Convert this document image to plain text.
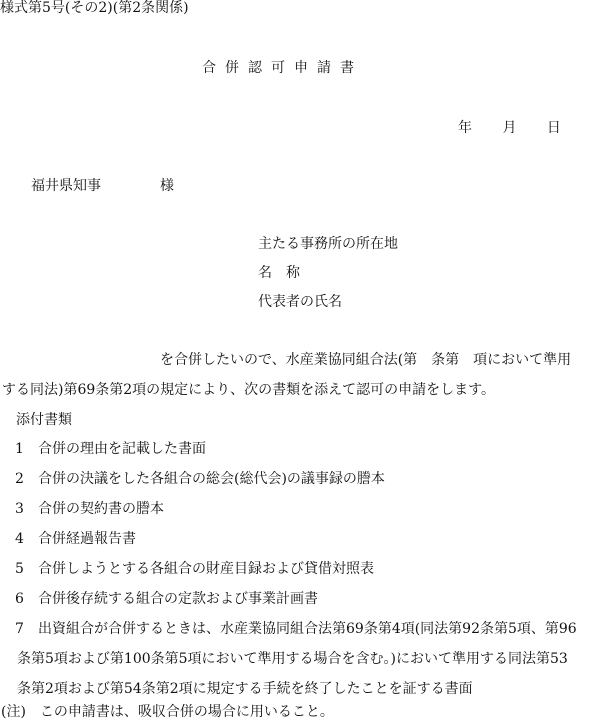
様式第5号(その2)(第2条関係)
合併認可申請書
年 月 日
福井県知事	様
主たる事務所の所在地
名称
代表者の氏名
を合併したいので、水産業協同組合法(第　条第　項において準用
する同法)第69条第2項の規定により、次の書類を添えて認可の申請をします。
添付書類
1 合併の理由を記載した書面
2 合併の決議をした各組合の総会(総代会)の議事録の謄本
3 合併の契約書の謄本
4 合併経過報告書
5 合併しようとする各組合の財産目録および貸借対照表
6 合併後存続する組合の定款および事業計画書
7 出資組合が合併するときは、水産業協同組合法第69条第4項(同法第92条第5項、第96
条第5項および第100条第5項において準用する場合を含む。)において準用する同法第53
条第2項および第54条第2項に規定する手続を終了したことを証する書面
(注)　この申請書は、吸収合併の場合に用いること。
